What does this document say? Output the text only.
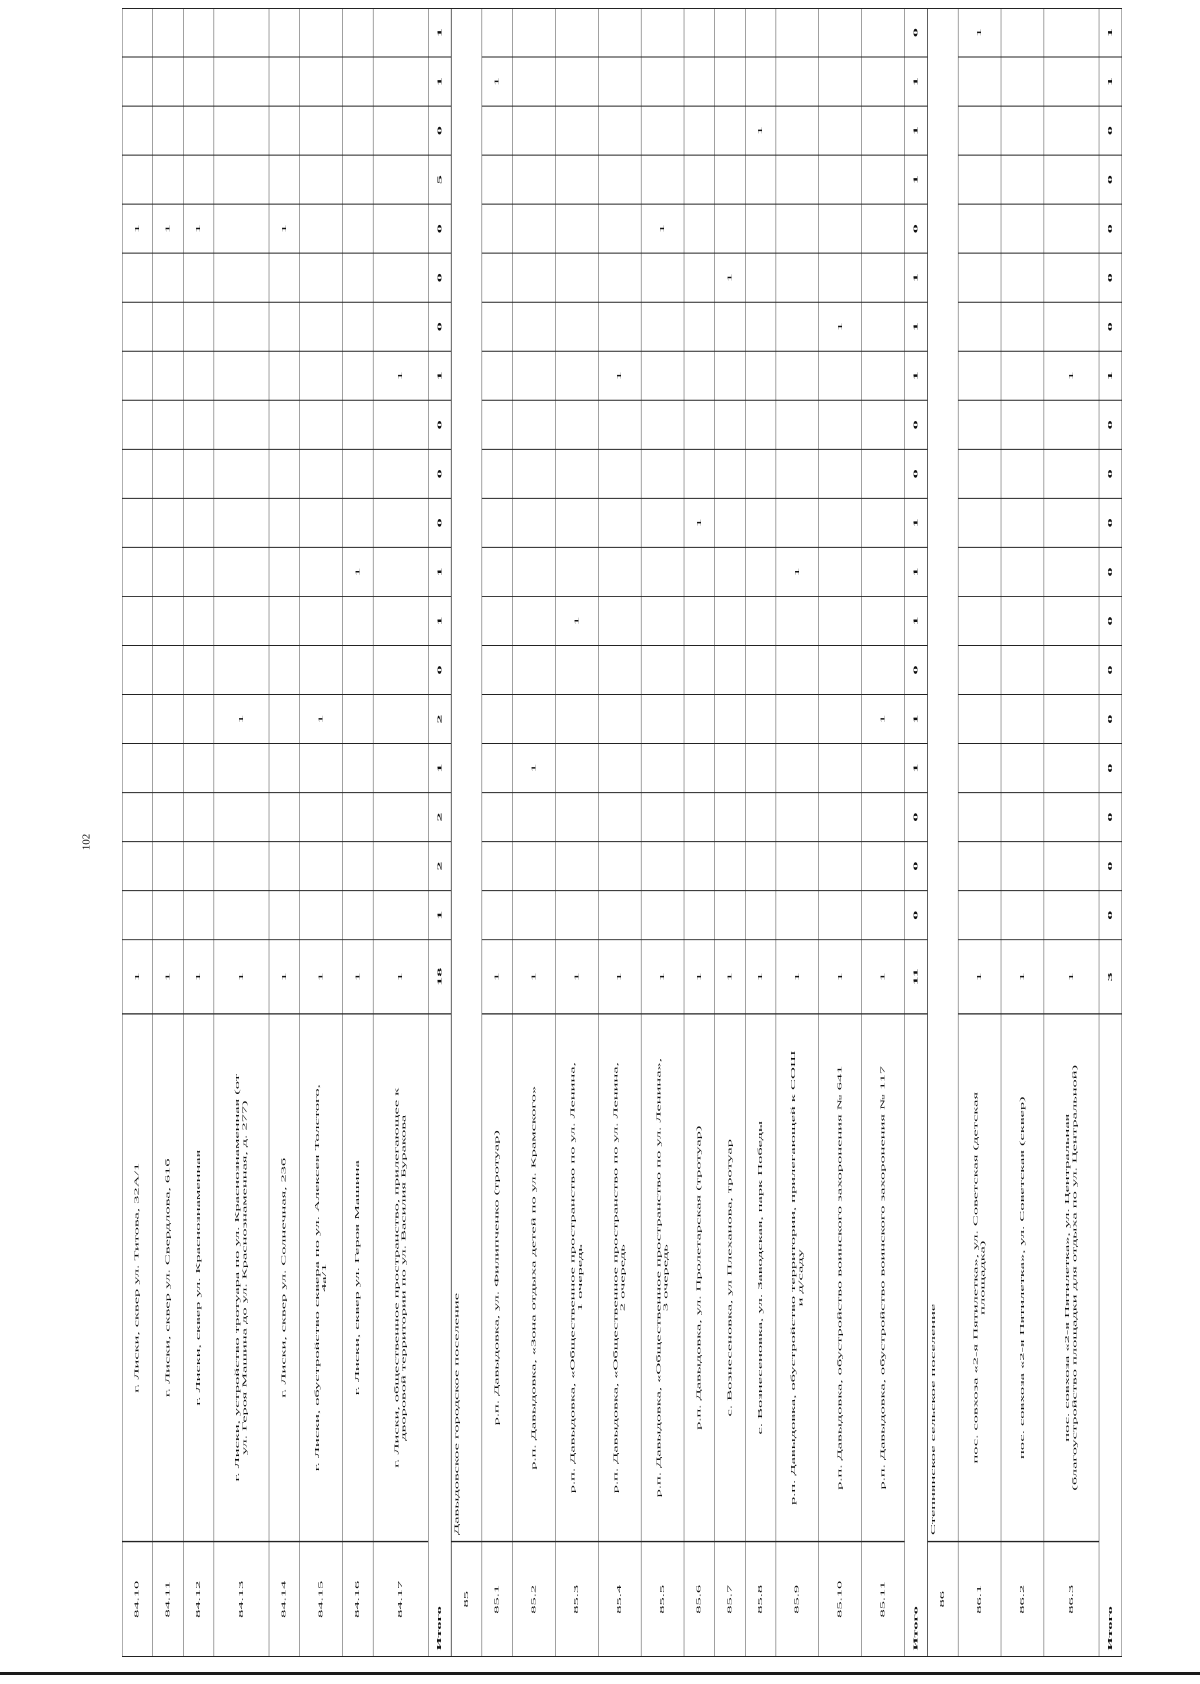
102
84.10
г. Лиски, сквер ул. Титова, 32А/1
1
1
84.11
г. Лиски, сквер ул. Свердлова, 61б
1
1
84.12
г. Лиски, сквер ул. Краснознаменная
1
1
84.13
г. Лиски, устройство тротуара по ул. Краснознаменная (от ул. Героя Машина до ул. Краснознаменная, д. 277)
1
1
84.14
г. Лиски, сквер ул. Солнечная, 23б
1
1
84.15
г. Лиски, обустройство сквера по ул. Алексея Толстого, 4а/1
1
1
84.16
г. Лиски, сквер ул. Героя Машина
1
1
84.17
г. Лиски, общественное пространство, прилегающее к дворовой территории по ул. Василия Буракова
1
1
Итого
18
1
2
2
1
2
0
1
1
0
0
0
1
0
0
0
5
0
1
1
85
Давыдовское городское поселение
85.1
р.п. Давыдовка, ул. Филипченко (тротуар)
1
1
85.2
р.п. Давыдовка, «Зона отдыха детей по ул. Крамского»
1
1
85.3
р.п. Давыдовка, «Общественное пространство по ул. Ленина, 1 очередь
1
1
85.4
р.п. Давыдовка, «Общественное пространство по ул. Ленина, 2 очередь
1
1
85.5
р.п. Давыдовка, «Общественное пространство по ул. Ленина», 3 очередь
1
1
85.6
р.п. Давыдовка, ул. Пролетарская (тротуар)
1
1
85.7
с. Вознесеновка, ул Плеханова, тротуар
1
1
85.8
с. Вознесеновка, ул. Заводская, парк Победы
1
1
85.9
р.п. Давыдовка, обустройство территории, прилегающей к СОШ и д/саду
1
1
85.10
р.п. Давыдовка, обустройство воинского захоронения № 641
1
1
85.11
р.п. Давыдовка, обустройство воинского захоронения № 117
1
1
Итого
11
0
0
0
1
1
0
1
1
1
0
0
1
1
1
0
1
1
1
0
86
Степнянское сельское поселение
86.1
пос. совхоза «2-я Пятилетка», ул. Советская (детская площадка)
1
1
86.2
пос. совхоза «2-я Пятилетка», ул. Советская (сквер)
1
86.3
пос. совхоза «2-я Пятилетка», ул. Центральная (благоустройство площадки для отдыха по ул. Центральной)
1
1
Итого
3
0
0
0
0
0
0
0
0
0
0
0
1
0
0
0
0
0
1
1
